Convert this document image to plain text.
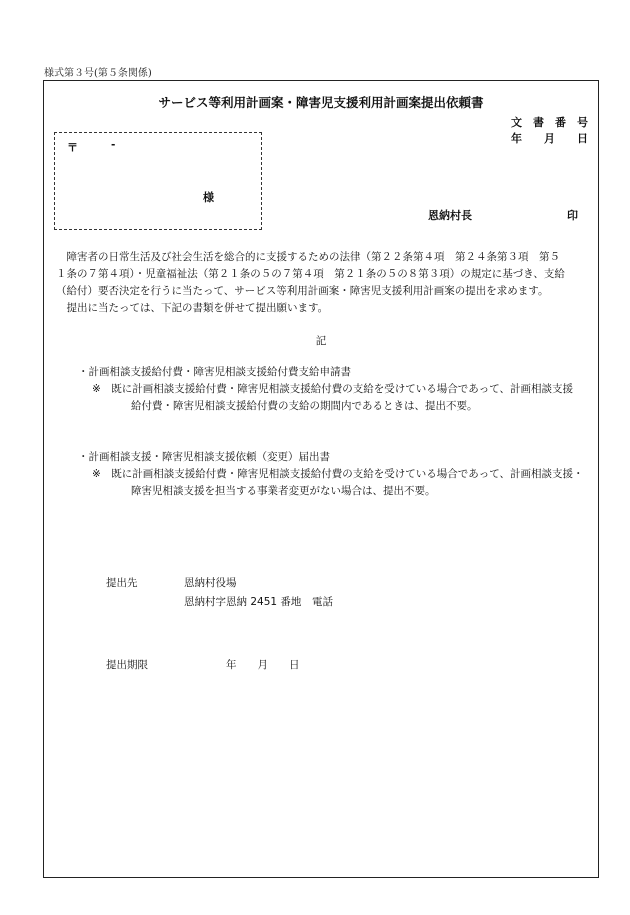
様式第３号(第５条関係)
サービス等利用計画案・障害児支援利用計画案提出依頼書
文　書　番　号
年　　月　　日
〒	-
様
恩納村長	印

　障害者の日常生活及び社会生活を総合的に支援するための法律（第２２条第４項　第２４条第３項　第５

１条の７第４項）・児童福祉法（第２１条の５の７第４項　第２１条の５の８第３項）の規定に基づき、支給

（給付）要否決定を行うに当たって、サービス等利用計画案・障害児支援利用計画案の提出を求めます。

　提出に当たっては、下記の書類を併せて提出願います。

記

・計画相談支援給付費・障害児相談支援給付費支給申請書

※　既に計画相談支援給付費・障害児相談支援給付費の支給を受けている場合であって、計画相談支援

給付費・障害児相談支援給付費の支給の期間内であるときは、提出不要。

・計画相談支援・障害児相談支援依頼（変更）届出書

※　既に計画相談支援給付費・障害児相談支援給付費の支給を受けている場合であって、計画相談支援・

障害児相談支援を担当する事業者変更がない場合は、提出不要。

提出先	恩納村役場
恩納村字恩納 2451 番地 電話
提出期限	年　　月　　日
